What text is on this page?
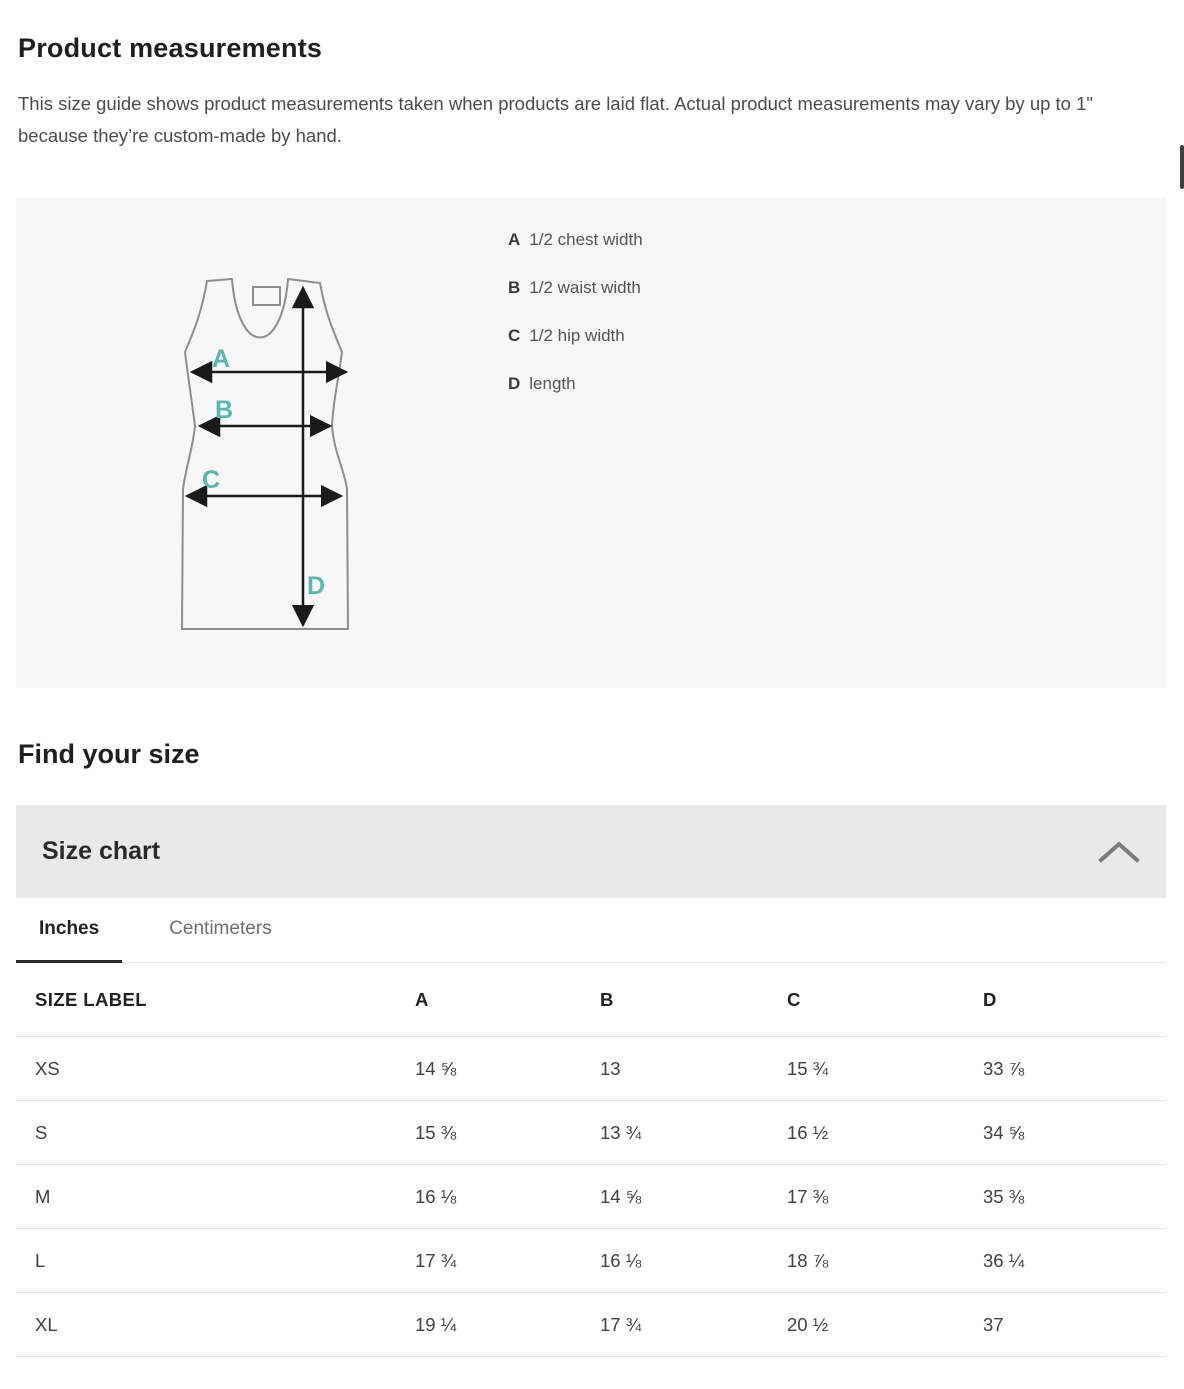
Product measurements

This size guide shows product measurements taken when products are laid flat. Actual product measurements may vary by up to 1" because they’re custom-made by hand.

A
B
C
D
A 1/2 chest width
B 1/2 waist width
C 1/2 hip width
D length
Find your size
Size chart
Inches	Centimeters
SIZE LABEL	A	B	C	D
XS	14 ⅝	13	15 ¾	33 ⅞
S	15 ⅜	13 ¾	16 ½	34 ⅝
M	16 ⅛	14 ⅝	17 ⅜	35 ⅜
L	17 ¾	16 ⅛	18 ⅞	36 ¼
XL	19 ¼	17 ¾	20 ½	37
